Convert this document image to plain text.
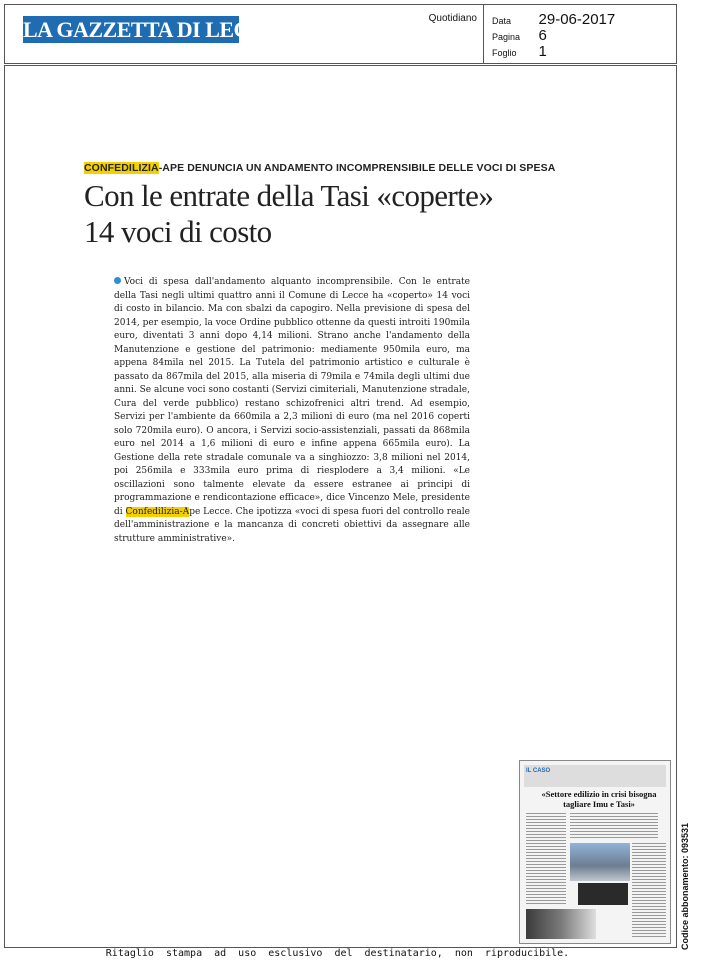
LA GAZZETTA DI LECCE	Quotidiano Data 29-06-2017
Pagina 6
Foglio 1
CONFEDILIZIA-APE DENUNCIA UN ANDAMENTO INCOMPRENSIBILE DELLE VOCI DI SPESA
Con le entrate della Tasi «coperte» 14 voci di costo
Voci di spesa dall'andamento alquanto incomprensibile. Con le entrate della Tasi negli ultimi quattro anni il Comune di Lecce ha «coperto» 14 voci di costo in bilancio. Ma con sbalzi da capogiro. Nella previsione di spesa del 2014, per esempio, la voce Ordine pubblico ottenne da questi introiti 190mila euro, diventati 3 anni dopo 4,14 milioni. Strano anche l'andamento della Manutenzione e gestione del patrimonio: mediamente 950mila euro, ma appena 84mila nel 2015. La Tutela del patrimonio artistico e culturale è passato da 867mila del 2015, alla miseria di 79mila e 74mila degli ultimi due anni. Se alcune voci sono costanti (Servizi cimiteriali, Manutenzione stradale, Cura del verde pubblico) restano schizofrenici altri trend. Ad esempio, Servizi per l'ambiente da 660mila a 2,3 milioni di euro (ma nel 2016 coperti solo 720mila euro). O ancora, i Servizi socio-assistenziali, passati da 868mila euro nel 2014 a 1,6 milioni di euro e infine appena 665mila euro). La Gestione della rete stradale comunale va a singhiozzo: 3,8 milioni nel 2014, poi 256mila e 333mila euro prima di riesplodere a 3,4 milioni. «Le oscillazioni sono talmente elevate da essere estranee ai principi di programmazione e rendicontazione efficace», dice Vincenzo Mele, presidente di Confedilizia-Ape Lecce. Che ipotizza «voci di spesa fuori del controllo reale dell'amministrazione e la mancanza di concreti obiettivi da assegnare alle strutture amministrative».
IL CASO
«Settore edilizio in crisi bisogna tagliare Imu e Tasi»
Codice abbonamento: 093531
Ritaglio stampa ad uso esclusivo del destinatario, non riproducibile.
